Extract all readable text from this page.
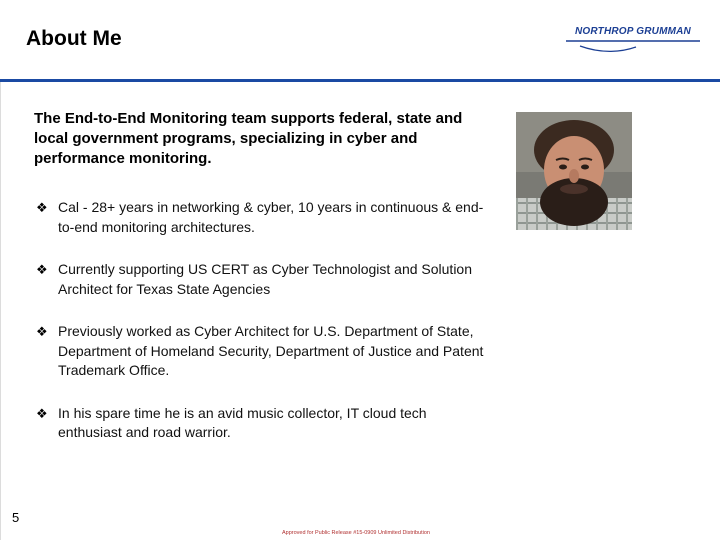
About Me	NORTHROP GRUMMAN
The End-to-End Monitoring team supports federal, state and local government programs, specializing in cyber and performance monitoring.
❖ Cal - 28+ years in networking & cyber, 10 years in continuous & end-to-end monitoring architectures.
❖ Currently supporting US CERT as Cyber Technologist and Solution Architect for Texas State Agencies
❖ Previously worked as Cyber Architect for U.S. Department of State, Department of Homeland Security, Department of Justice and Patent Trademark Office.
❖ In his spare time he is an avid music collector, IT cloud tech enthusiast and road warrior.
5
Approved for Public Release #15-0909 Unlimited Distribution
